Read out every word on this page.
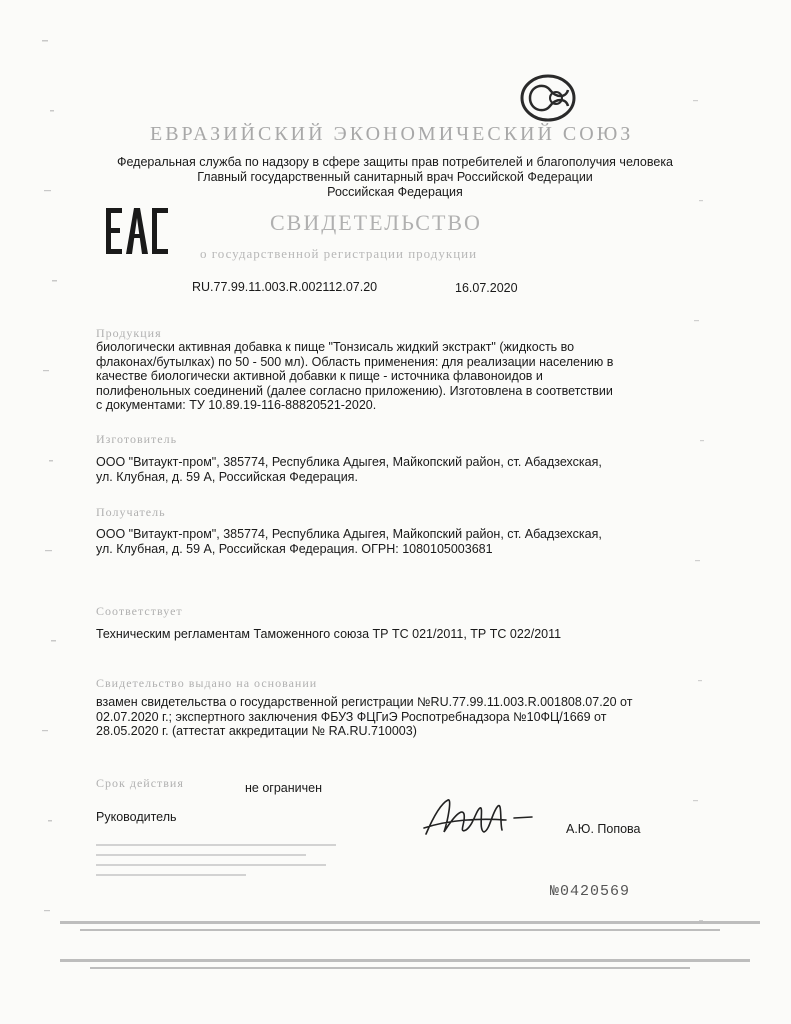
ЕВРАЗИЙСКИЙ ЭКОНОМИЧЕСКИЙ СОЮЗ
Федеральная служба по надзору в сфере защиты прав потребителей и благополучия человека
Главный государственный санитарный врач Российской Федерации
Российская Федерация
СВИДЕТЕЛЬСТВО
о государственной регистрации продукции
RU.77.99.11.003.R.002112.07.20	16.07.2020
Продукция
биологически активная добавка к пище "Тонзисаль жидкий экстракт" (жидкость во флаконах/бутылках) по 50 - 500 мл). Область применения: для реализации населению в качестве биологически активной добавки к пище - источника флавоноидов и полифенольных соединений (далее согласно приложению). Изготовлена в соответствии с документами: ТУ 10.89.19-116-88820521-2020.
Изготовитель
ООО "Витаукт-пром", 385774, Республика Адыгея, Майкопский район, ст. Абадзехская, ул. Клубная, д. 59 А, Российская Федерация.
Получатель
ООО "Витаукт-пром", 385774, Республика Адыгея, Майкопский район, ст. Абадзехская, ул. Клубная, д. 59 А, Российская Федерация. ОГРН: 1080105003681
Соответствует
Техническим регламентам Таможенного союза ТР ТС 021/2011, ТР ТС 022/2011
Свидетельство выдано на основании
взамен свидетельства о государственной регистрации №RU.77.99.11.003.R.001808.07.20 от 02.07.2020 г.; экспертного заключения ФБУЗ ФЦГиЭ Роспотребнадзора №10ФЦ/1669 от 28.05.2020 г. (аттестат аккредитации № RA.RU.710003)
Срок действия	не ограничен
Руководитель
А.Ю. Попова
№0420569
